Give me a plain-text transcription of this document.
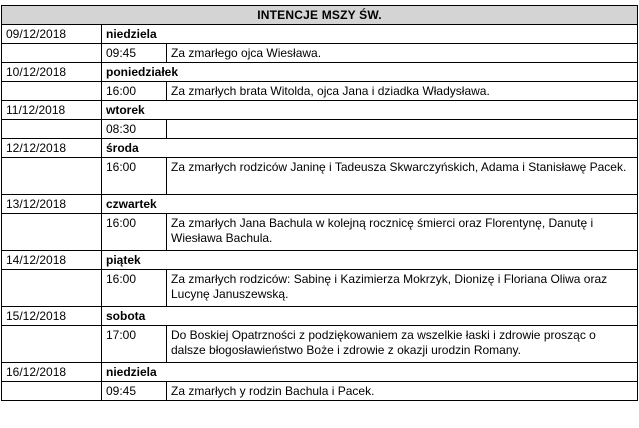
INTENCJE MSZY ŚW.		
09/12/2018	niedziela	
	09:45	Za zmarłego ojca Wiesława.
10/12/2018	poniedziałek	
	16:00	Za zmarłych brata Witolda, ojca Jana i dziadka Władysława.
11/12/2018	wtorek	
	08:30	
12/12/2018	środa	
	16:00	Za zmarłych rodziców Janinę i Tadeusza Skwarczyńskich, Adama i Stanisławę Pacek.
13/12/2018	czwartek	
	16:00	Za zmarłych Jana Bachula w kolejną rocznicę śmierci oraz Florentynę, Danutę i Wiesława Bachula.
14/12/2018	piątek	
	16:00	Za zmarłych rodziców: Sabinę i Kazimierza Mokrzyk, Dionizę i Floriana Oliwa oraz Lucynę Januszewską.
15/12/2018	sobota	
	17:00	Do Boskiej Opatrzności z podziękowaniem za wszelkie łaski i zdrowie prosząc o dalsze błogosławieństwo Boże i zdrowie z okazji urodzin Romany.
16/12/2018	niedziela	
	09:45	Za zmarłych y rodzin Bachula i Pacek.
